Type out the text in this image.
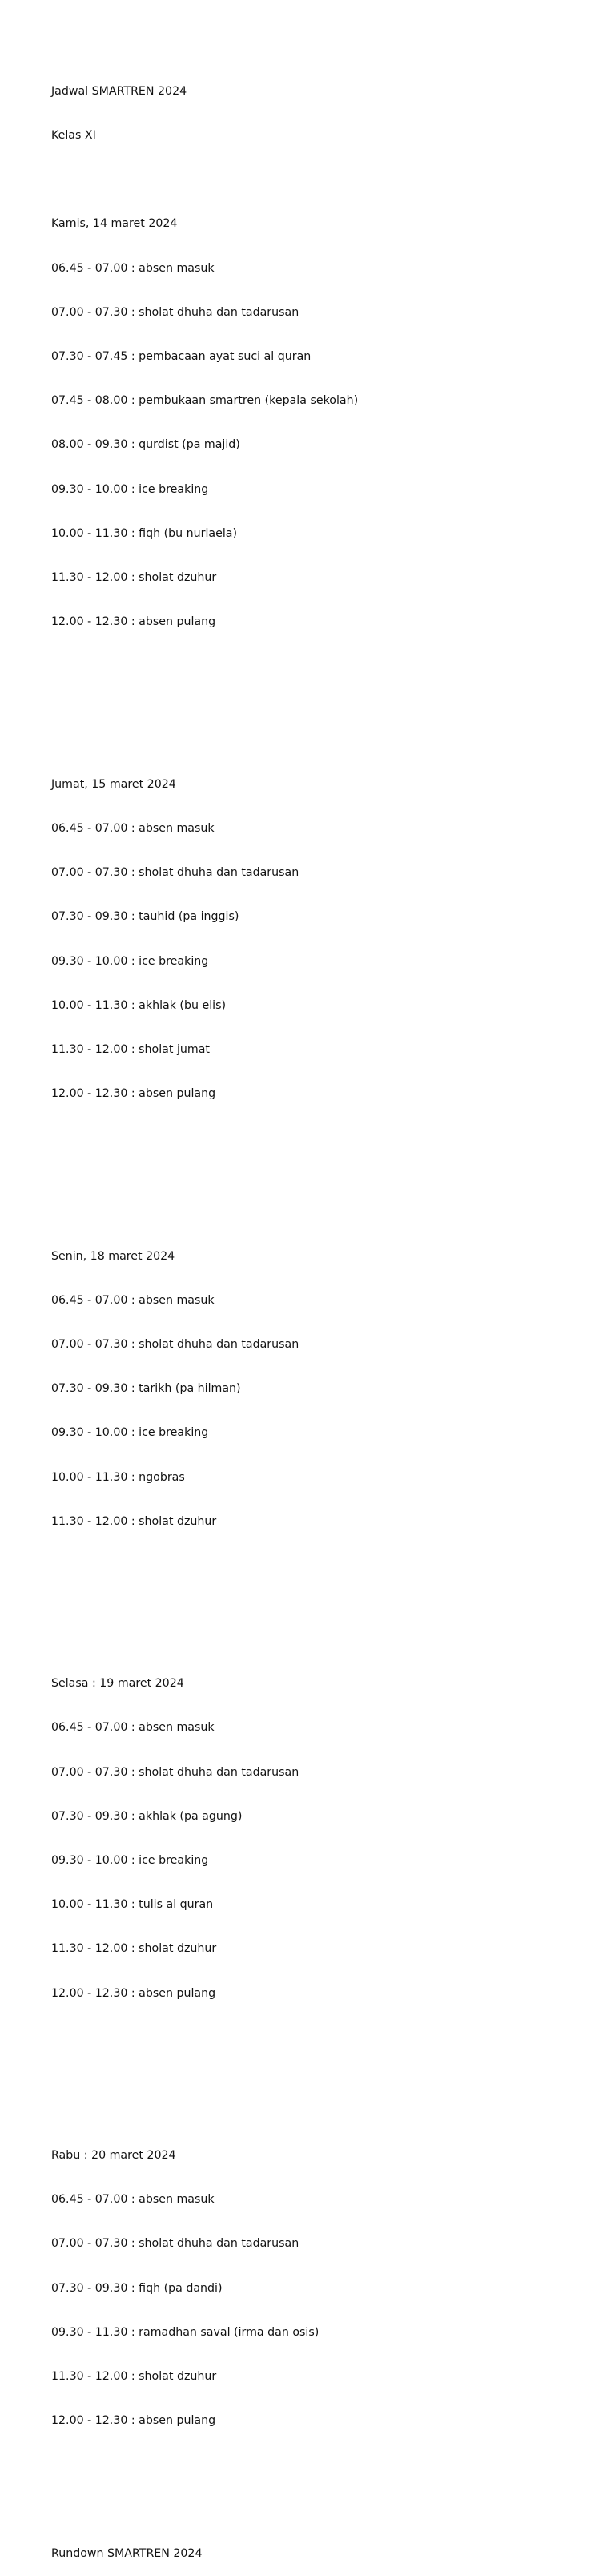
Jadwal SMARTREN 2024

Kelas XI

Kamis, 14 maret 2024

06.45 - 07.00 : absen masuk

07.00 - 07.30 : sholat dhuha dan tadarusan

07.30 - 07.45 : pembacaan ayat suci al quran

07.45 - 08.00 : pembukaan smartren (kepala sekolah)

08.00 - 09.30 : qurdist (pa majid)

09.30 - 10.00 : ice breaking

10.00 - 11.30 : fiqh (bu nurlaela)

11.30 - 12.00 : sholat dzuhur

12.00 - 12.30 : absen pulang

Jumat, 15 maret 2024

06.45 - 07.00 : absen masuk

07.00 - 07.30 : sholat dhuha dan tadarusan

07.30 - 09.30 : tauhid (pa inggis)

09.30 - 10.00 : ice breaking

10.00 - 11.30 : akhlak (bu elis)

11.30 - 12.00 : sholat jumat

12.00 - 12.30 : absen pulang

Senin, 18 maret 2024

06.45 - 07.00 : absen masuk

07.00 - 07.30 : sholat dhuha dan tadarusan

07.30 - 09.30 : tarikh (pa hilman)

09.30 - 10.00 : ice breaking

10.00 - 11.30 : ngobras

11.30 - 12.00 : sholat dzuhur

Selasa : 19 maret 2024

06.45 - 07.00 : absen masuk

07.00 - 07.30 : sholat dhuha dan tadarusan

07.30 - 09.30 : akhlak (pa agung)

09.30 - 10.00 : ice breaking

10.00 - 11.30 : tulis al quran

11.30 - 12.00 : sholat dzuhur

12.00 - 12.30 : absen pulang

Rabu : 20 maret 2024

06.45 - 07.00 : absen masuk

07.00 - 07.30 : sholat dhuha dan tadarusan

07.30 - 09.30 : fiqh (pa dandi)

09.30 - 11.30 : ramadhan saval (irma dan osis)

11.30 - 12.00 : sholat dzuhur

12.00 - 12.30 : absen pulang

Rundown SMARTREN 2024
